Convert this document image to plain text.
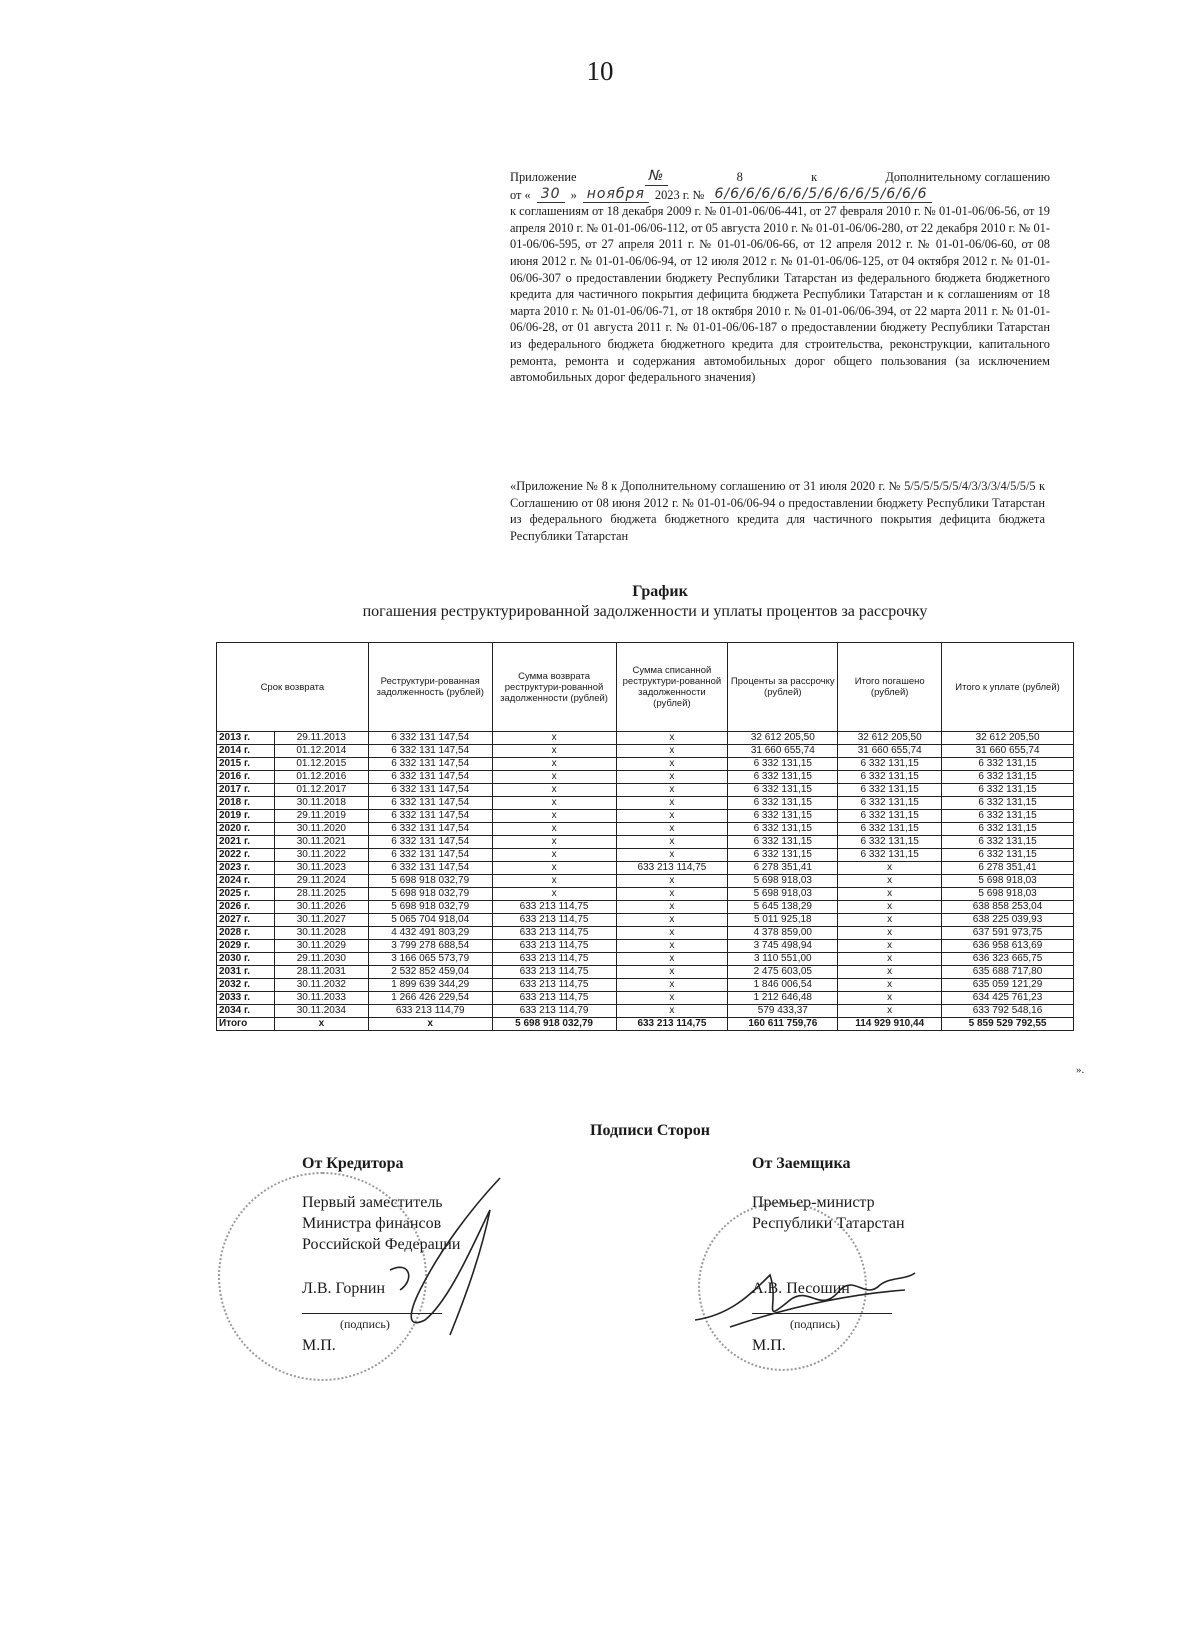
10
Приложение	№	8	к	Дополнительному соглашению
от « 30 » ноября 2023 г. № 6/6/6/6/6/6/5/6/6/6/5/6/6/6

к соглашениям от 18 декабря 2009 г. № 01-01-06/06-441, от 27 февраля 2010 г. № 01-01-06/06-56, от 19 апреля 2010 г. № 01-01-06/06-112, от 05 августа 2010 г. № 01-01-06/06-280, от 22 декабря 2010 г. № 01-01-06/06-595, от 27 апреля 2011 г. № 01-01-06/06-66, от 12 апреля 2012 г. № 01-01-06/06-60, от 08 июня 2012 г. № 01-01-06/06-94, от 12 июля 2012 г. № 01-01-06/06-125, от 04 октября 2012 г. № 01-01-06/06-307 о предоставлении бюджету Республики Татарстан из федерального бюджета бюджетного кредита для частичного покрытия дефицита бюджета Республики Татарстан и к соглашениям от 18 марта 2010 г. № 01-01-06/06-71, от 18 октября 2010 г. № 01-01-06/06-394, от 22 марта 2011 г. № 01-01-06/06-28, от 01 августа 2011 г. № 01-01-06/06-187 о предоставлении бюджету Республики Татарстан из федерального бюджета бюджетного кредита для строительства, реконструкции, капитального ремонта, ремонта и содержания автомобильных дорог общего пользования (за исключением автомобильных дорог федерального значения)

«Приложение № 8 к Дополнительному соглашению от 31 июля 2020 г. № 5/5/5/5/5/5/4/3/3/3/4/5/5/5 к Соглашению от 08 июня 2012 г. № 01-01-06/06-94 о предоставлении бюджету Республики Татарстан из федерального бюджета бюджетного кредита для частичного покрытия дефицита бюджета Республики Татарстан
График
погашения реструктурированной задолженности и уплаты процентов за рассрочку
Срок возврата		Реструктури-рованная задолженность (рублей)	Сумма возврата реструктури-рованной задолженности (рублей)	Сумма списанной реструктури-рованной задолженности (рублей)	Проценты за рассрочку (рублей)	Итого погашено (рублей)	Итого к уплате (рублей)
2013 г.	29.11.2013	6 332 131 147,54	x	x	32 612 205,50	32 612 205,50	32 612 205,50
2014 г.	01.12.2014	6 332 131 147,54	x	x	31 660 655,74	31 660 655,74	31 660 655,74
2015 г.	01.12.2015	6 332 131 147,54	x	x	6 332 131,15	6 332 131,15	6 332 131,15
2016 г.	01.12.2016	6 332 131 147,54	x	x	6 332 131,15	6 332 131,15	6 332 131,15
2017 г.	01.12.2017	6 332 131 147,54	x	x	6 332 131,15	6 332 131,15	6 332 131,15
2018 г.	30.11.2018	6 332 131 147,54	x	x	6 332 131,15	6 332 131,15	6 332 131,15
2019 г.	29.11.2019	6 332 131 147,54	x	x	6 332 131,15	6 332 131,15	6 332 131,15
2020 г.	30.11.2020	6 332 131 147,54	x	x	6 332 131,15	6 332 131,15	6 332 131,15
2021 г.	30.11.2021	6 332 131 147,54	x	x	6 332 131,15	6 332 131,15	6 332 131,15
2022 г.	30.11.2022	6 332 131 147,54	x	x	6 332 131,15	6 332 131,15	6 332 131,15
2023 г.	30.11.2023	6 332 131 147,54	x	633 213 114,75	6 278 351,41	x	6 278 351,41
2024 г.	29.11.2024	5 698 918 032,79	x	x	5 698 918,03	x	5 698 918,03
2025 г.	28.11.2025	5 698 918 032,79	x	x	5 698 918,03	x	5 698 918,03
2026 г.	30.11.2026	5 698 918 032,79	633 213 114,75	x	5 645 138,29	x	638 858 253,04
2027 г.	30.11.2027	5 065 704 918,04	633 213 114,75	x	5 011 925,18	x	638 225 039,93
2028 г.	30.11.2028	4 432 491 803,29	633 213 114,75	x	4 378 859,00	x	637 591 973,75
2029 г.	30.11.2029	3 799 278 688,54	633 213 114,75	x	3 745 498,94	x	636 958 613,69
2030 г.	29.11.2030	3 166 065 573,79	633 213 114,75	x	3 110 551,00	x	636 323 665,75
2031 г.	28.11.2031	2 532 852 459,04	633 213 114,75	x	2 475 603,05	x	635 688 717,80
2032 г.	30.11.2032	1 899 639 344,29	633 213 114,75	x	1 846 006,54	x	635 059 121,29
2033 г.	30.11.2033	1 266 426 229,54	633 213 114,75	x	1 212 646,48	x	634 425 761,23
2034 г.	30.11.2034	633 213 114,79	633 213 114,79	x	579 433,37	x	633 792 548,16
Итого	x	x	5 698 918 032,79	633 213 114,75	160 611 759,76	114 929 910,44	5 859 529 792,55
».
Подписи Сторон
От Кредитора
Первый заместитель
Министра финансов
Российской Федерации
Л.В. Горнин
(подпись)
М.П.
От Заемщика
Премьер-министр
Республики Татарстан
А.В. Песошин
(подпись)
М.П.
